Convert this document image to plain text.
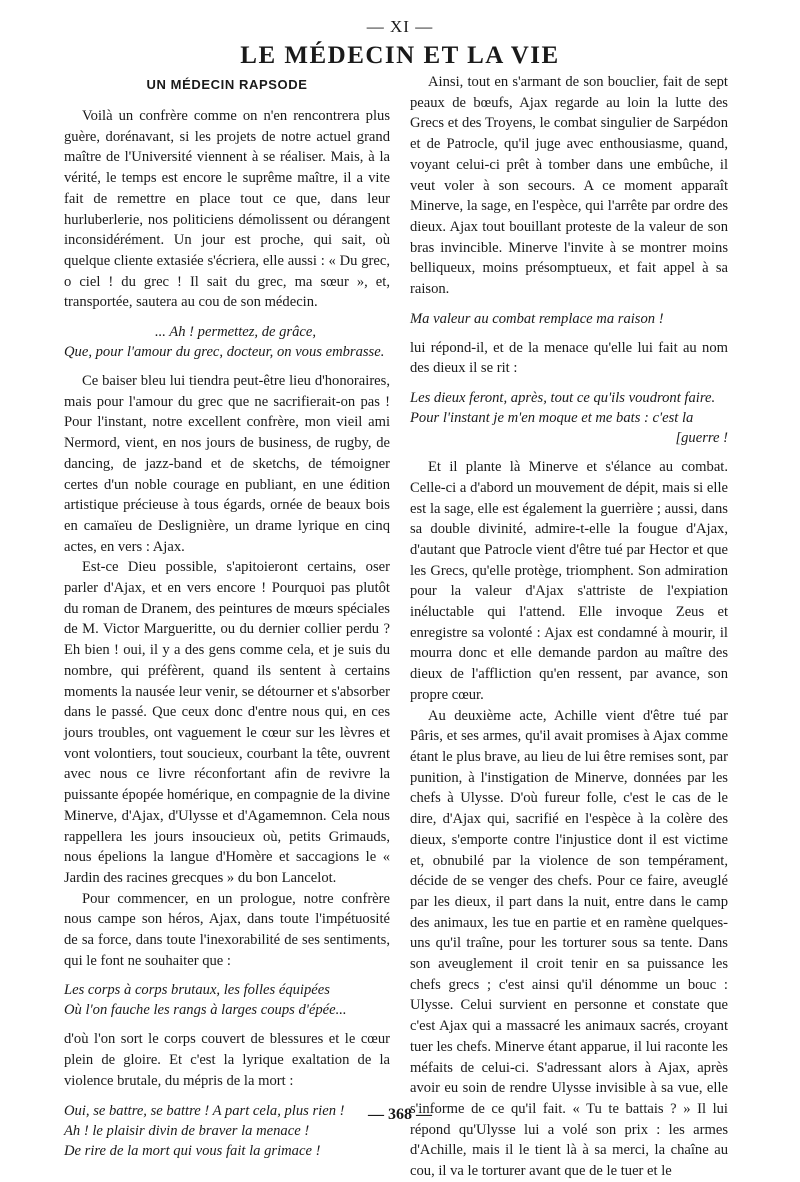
— XI —
LE MÉDECIN ET LA VIE
UN MÉDECIN RAPSODE

Voilà un confrère comme on n'en rencontrera plus guère, dorénavant, si les projets de notre actuel grand maître de l'Université viennent à se réaliser. Mais, à la vérité, le temps est encore le suprême maître, il a vite fait de remettre en place tout ce que, dans leur hurluberlerie, nos politiciens démolissent ou dérangent inconsidérément. Un jour est proche, qui sait, où quelque cliente extasiée s'écriera, elle aussi : « Du grec, o ciel ! du grec ! Il sait du grec, ma sœur », et, transportée, sautera au cou de son médecin.

... Ah ! permettez, de grâce,
Que, pour l'amour du grec, docteur, on vous embrasse.

Ce baiser bleu lui tiendra peut-être lieu d'honoraires, mais pour l'amour du grec que ne sacrifierait-on pas ! Pour l'instant, notre excellent confrère, mon vieil ami Nermord, vient, en nos jours de business, de rugby, de dancing, de jazz-band et de sketchs, de témoigner certes d'un noble courage en publiant, en une édition artistique précieuse à tous égards, ornée de beaux bois en camaïeu de Deslignière, un drame lyrique en cinq actes, en vers : Ajax.

Est-ce Dieu possible, s'apitoieront certains, oser parler d'Ajax, et en vers encore ! Pourquoi pas plutôt du roman de Dranem, des peintures de mœurs spéciales de M. Victor Margueritte, ou du dernier collier perdu ? Eh bien ! oui, il y a des gens comme cela, et je suis du nombre, qui préfèrent, quand ils sentent à certains moments la nausée leur venir, se détourner et s'absorber dans le passé. Que ceux donc d'entre nous qui, en ces jours troubles, ont vaguement le cœur sur les lèvres et vont volontiers, tout soucieux, courbant la tête, ouvrent avec nous ce livre réconfortant afin de revivre la puissante épopée homérique, en compagnie de la divine Minerve, d'Ajax, d'Ulysse et d'Agamemnon. Cela nous rappellera les jours insoucieux où, petits Grimauds, nous épelions la langue d'Homère et saccagions le « Jardin des racines grecques » du bon Lancelot.

Pour commencer, en un prologue, notre confrère nous campe son héros, Ajax, dans toute l'impétuosité de sa force, dans toute l'inexorabilité de ses sentiments, qui le font ne souhaiter que :

Les corps à corps brutaux, les folles équipées
Où l'on fauche les rangs à larges coups d'épée...

d'où l'on sort le corps couvert de blessures et le cœur plein de gloire. Et c'est la lyrique exaltation de la violence brutale, du mépris de la mort :

Oui, se battre, se battre ! A part cela, plus rien !
Ah ! le plaisir divin de braver la menace !
De rire de la mort qui vous fait la grimace !

Ainsi, tout en s'armant de son bouclier, fait de sept peaux de bœufs, Ajax regarde au loin la lutte des Grecs et des Troyens, le combat singulier de Sarpédon et de Patrocle, qu'il juge avec enthousiasme, quand, voyant celui-ci prêt à tomber dans une embûche, il veut voler à son secours. A ce moment apparaît Minerve, la sage, en l'espèce, qui l'arrête par ordre des dieux. Ajax tout bouillant proteste de la valeur de son bras invincible. Minerve l'invite à se montrer moins belliqueux, moins présomptueux, et fait appel à sa raison.

Ma valeur au combat remplace ma raison !

lui répond-il, et de la menace qu'elle lui fait au nom des dieux il se rit :

Les dieux feront, après, tout ce qu'ils voudront faire.
Pour l'instant je m'en moque et me bats : c'est la
[guerre !

Et il plante là Minerve et s'élance au combat. Celle-ci a d'abord un mouvement de dépit, mais si elle est la sage, elle est également la guerrière ; aussi, dans sa double divinité, admire-t-elle la fougue d'Ajax, d'autant que Patrocle vient d'être tué par Hector et que les Grecs, qu'elle protège, triomphent. Son admiration pour la valeur d'Ajax s'attriste de l'expiation inéluctable qui l'attend. Elle invoque Zeus et enregistre sa volonté : Ajax est condamné à mourir, il mourra donc et elle demande pardon au maître des dieux de l'affliction qu'en ressent, par avance, son propre cœur.

Au deuxième acte, Achille vient d'être tué par Pâris, et ses armes, qu'il avait promises à Ajax comme étant le plus brave, au lieu de lui être remises sont, par punition, à l'instigation de Minerve, données par les chefs à Ulysse. D'où fureur folle, c'est le cas de le dire, d'Ajax qui, sacrifié en l'espèce à la colère des dieux, s'emporte contre l'injustice dont il est victime et, obnubilé par la violence de son tempérament, décide de se venger des chefs. Pour ce faire, aveuglé par les dieux, il part dans la nuit, entre dans le camp des animaux, les tue en partie et en ramène quelques-uns qu'il traîne, pour les torturer sous sa tente. Dans son aveuglement il croit tenir en sa puissance les chefs grecs ; c'est ainsi qu'il dénomme un bouc : Ulysse. Celui survient en personne et constate que c'est Ajax qui a massacré les animaux sacrés, croyant tuer les chefs. Minerve étant apparue, il lui raconte les méfaits de celui-ci. S'adressant alors à Ajax, après avoir eu soin de rendre Ulysse invisible à sa vue, elle s'informe de ce qu'il fait. « Tu te battais ? » Il lui répond qu'Ulysse lui a volé son prix : les armes d'Achille, mais il le tient là à sa merci, la chaîne au cou, il va le torturer avant que de le tuer et le

— 368 —
